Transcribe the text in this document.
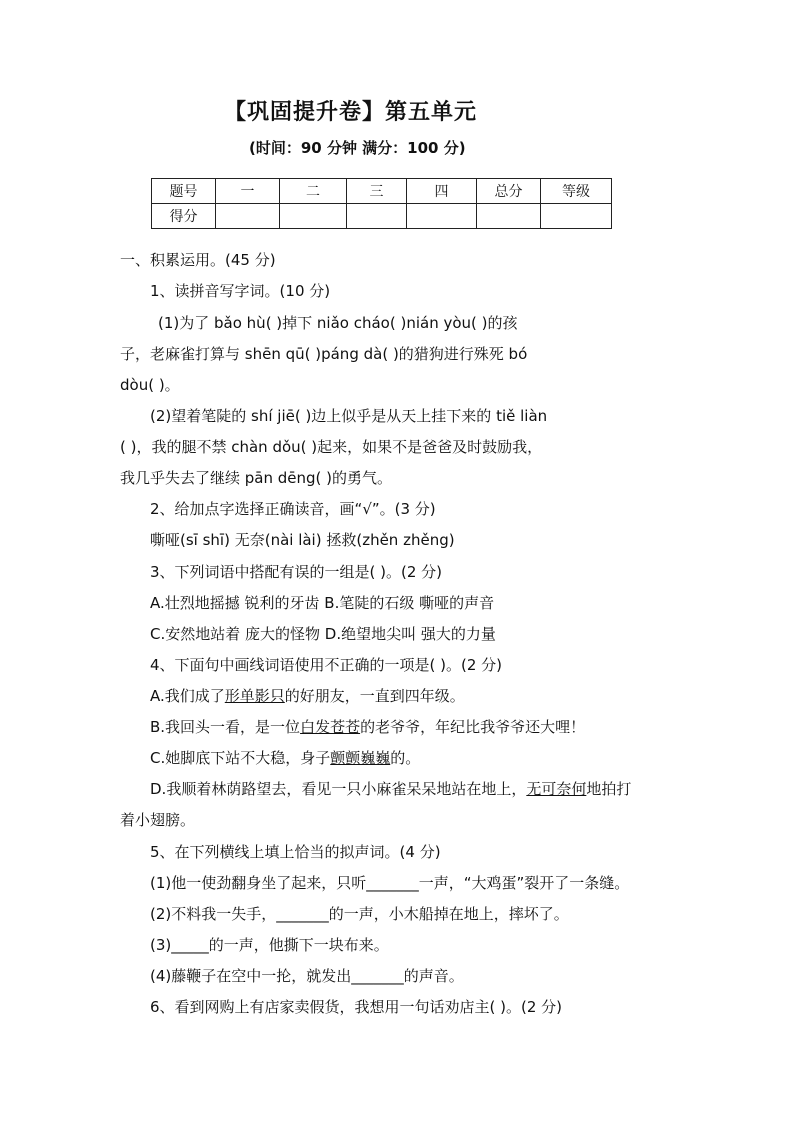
【巩固提升卷】第五单元
(时间：90 分钟 满分：100 分)
题号	一	二	三	四	总分	等级
得分						
一、积累运用。(45 分)
1、读拼音写字词。(10 分)
(1)为了 bǎo hù( )掉下 niǎo cháo( )nián yòu( )的孩
子，老麻雀打算与 shēn qū( )páng dà( )的猎狗进行殊死 bó
dòu( )。
(2)望着笔陡的 shí jiē( )边上似乎是从天上挂下来的 tiě liàn
( )，我的腿不禁 chàn dǒu( )起来，如果不是爸爸及时鼓励我，
我几乎失去了继续 pān dēng( )的勇气。
2、给加点字选择正确读音，画“√”。(3 分)
嘶哑(sī shī) 无奈(nài lài) 拯救(zhěn zhěng)
3、下列词语中搭配有误的一组是( )。(2 分)
A.壮烈地摇撼 锐利的牙齿 B.笔陡的石级 嘶哑的声音
C.安然地站着 庞大的怪物 D.绝望地尖叫 强大的力量
4、下面句中画线词语使用不正确的一项是( )。(2 分)
A.我们成了形单影只的好朋友，一直到四年级。
B.我回头一看，是一位白发苍苍的老爷爷，年纪比我爷爷还大哩！
C.她脚底下站不大稳，身子颤颤巍巍的。
D.我顺着林荫路望去，看见一只小麻雀呆呆地站在地上，无可奈何地拍打
着小翅膀。
5、在下列横线上填上恰当的拟声词。(4 分)
(1)他一使劲翻身坐了起来，只听_______一声，“大鸡蛋”裂开了一条缝。
(2)不料我一失手，_______的一声，小木船掉在地上，摔坏了。
(3)_____的一声，他撕下一块布来。
(4)藤鞭子在空中一抡，就发出_______的声音。
6、看到网购上有店家卖假货，我想用一句话劝店主( )。(2 分)
